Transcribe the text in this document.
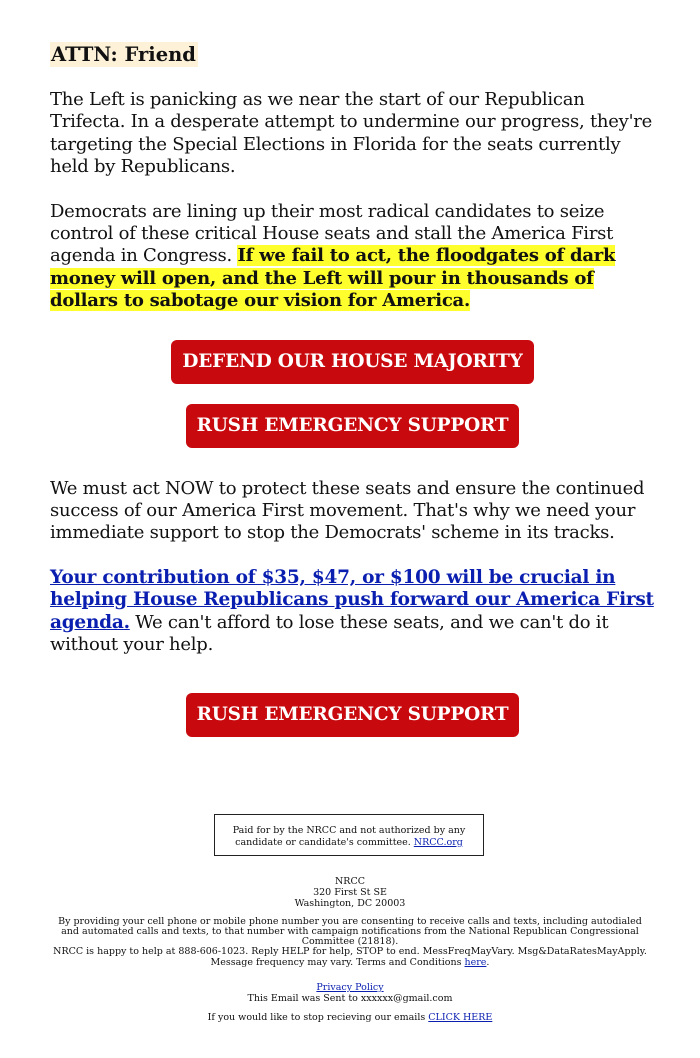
ATTN: Friend

The Left is panicking as we near the start of our Republican Trifecta. In a desperate attempt to undermine our progress, they're targeting the Special Elections in Florida for the seats currently held by Republicans.

Democrats are lining up their most radical candidates to seize control of these critical House seats and stall the America First agenda in Congress. If we fail to act, the floodgates of dark money will open, and the Left will pour in thousands of dollars to sabotage our vision for America.

DEFEND OUR HOUSE MAJORITY
RUSH EMERGENCY SUPPORT

We must act NOW to protect these seats and ensure the continued success of our America First movement. That's why we need your immediate support to stop the Democrats' scheme in its tracks.

Your contribution of $35, $47, or $100 will be crucial in helping House Republicans push forward our America First agenda. We can't afford to lose these seats, and we can't do it without your help.

RUSH EMERGENCY SUPPORT
Paid for by the NRCC and not authorized by any candidate or candidate's committee. NRCC.org
NRCC
320 First St SE
Washington, DC 20003
By providing your cell phone or mobile phone number you are consenting to receive calls and texts, including autodialed and automated calls and texts, to that number with campaign notifications from the National Republican Congressional Committee (21818).
NRCC is happy to help at 888-606-1023. Reply HELP for help, STOP to end. MessFreqMayVary. Msg&DataRatesMayApply. Message frequency may vary. Terms and Conditions here.
Privacy Policy
This Email was Sent to xxxxxx@gmail.com
If you would like to stop recieving our emails CLICK HERE
